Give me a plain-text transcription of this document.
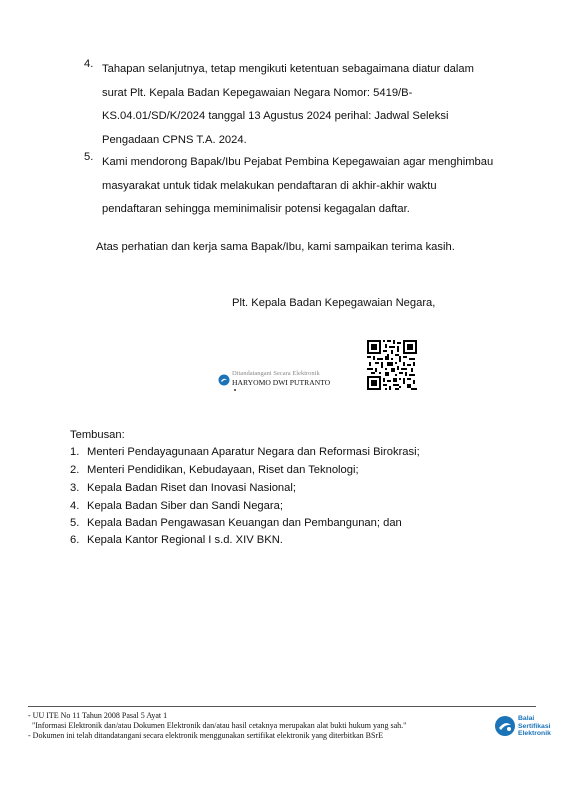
4. Tahapan selanjutnya, tetap mengikuti ketentuan sebagaimana diatur dalam
surat Plt. Kepala Badan Kepegawaian Negara Nomor: 5419/B-
KS.04.01/SD/K/2024 tanggal 13 Agustus 2024 perihal: Jadwal Seleksi
Pengadaan CPNS T.A. 2024.
5. Kami mendorong Bapak/Ibu Pejabat Pembina Kepegawaian agar menghimbau
masyarakat untuk tidak melakukan pendaftaran di akhir-akhir waktu
pendaftaran sehingga meminimalisir potensi kegagalan daftar.
Atas perhatian dan kerja sama Bapak/Ibu, kami sampaikan terima kasih.
Plt. Kepala Badan Kepegawaian Negara,
Ditandatangani Secara Elektronik
HARYOMO DWI PUTRANTO
Tembusan:
1. Menteri Pendayagunaan Aparatur Negara dan Reformasi Birokrasi;
2. Menteri Pendidikan, Kebudayaan, Riset dan Teknologi;
3. Kepala Badan Riset dan Inovasi Nasional;
4. Kepala Badan Siber dan Sandi Negara;
5. Kepala Badan Pengawasan Keuangan dan Pembangunan; dan
6. Kepala Kantor Regional I s.d. XIV BKN.
- UU ITE No 11 Tahun 2008 Pasal 5 Ayat 1
"Informasi Elektronik dan/atau Dokumen Elektronik dan/atau hasil cetaknya merupakan alat bukti hukum yang sah."
- Dokumen ini telah ditandatangani secara elektronik menggunakan sertifikat elektronik yang diterbitkan BSrE
Balai
Sertifikasi
Elektronik
